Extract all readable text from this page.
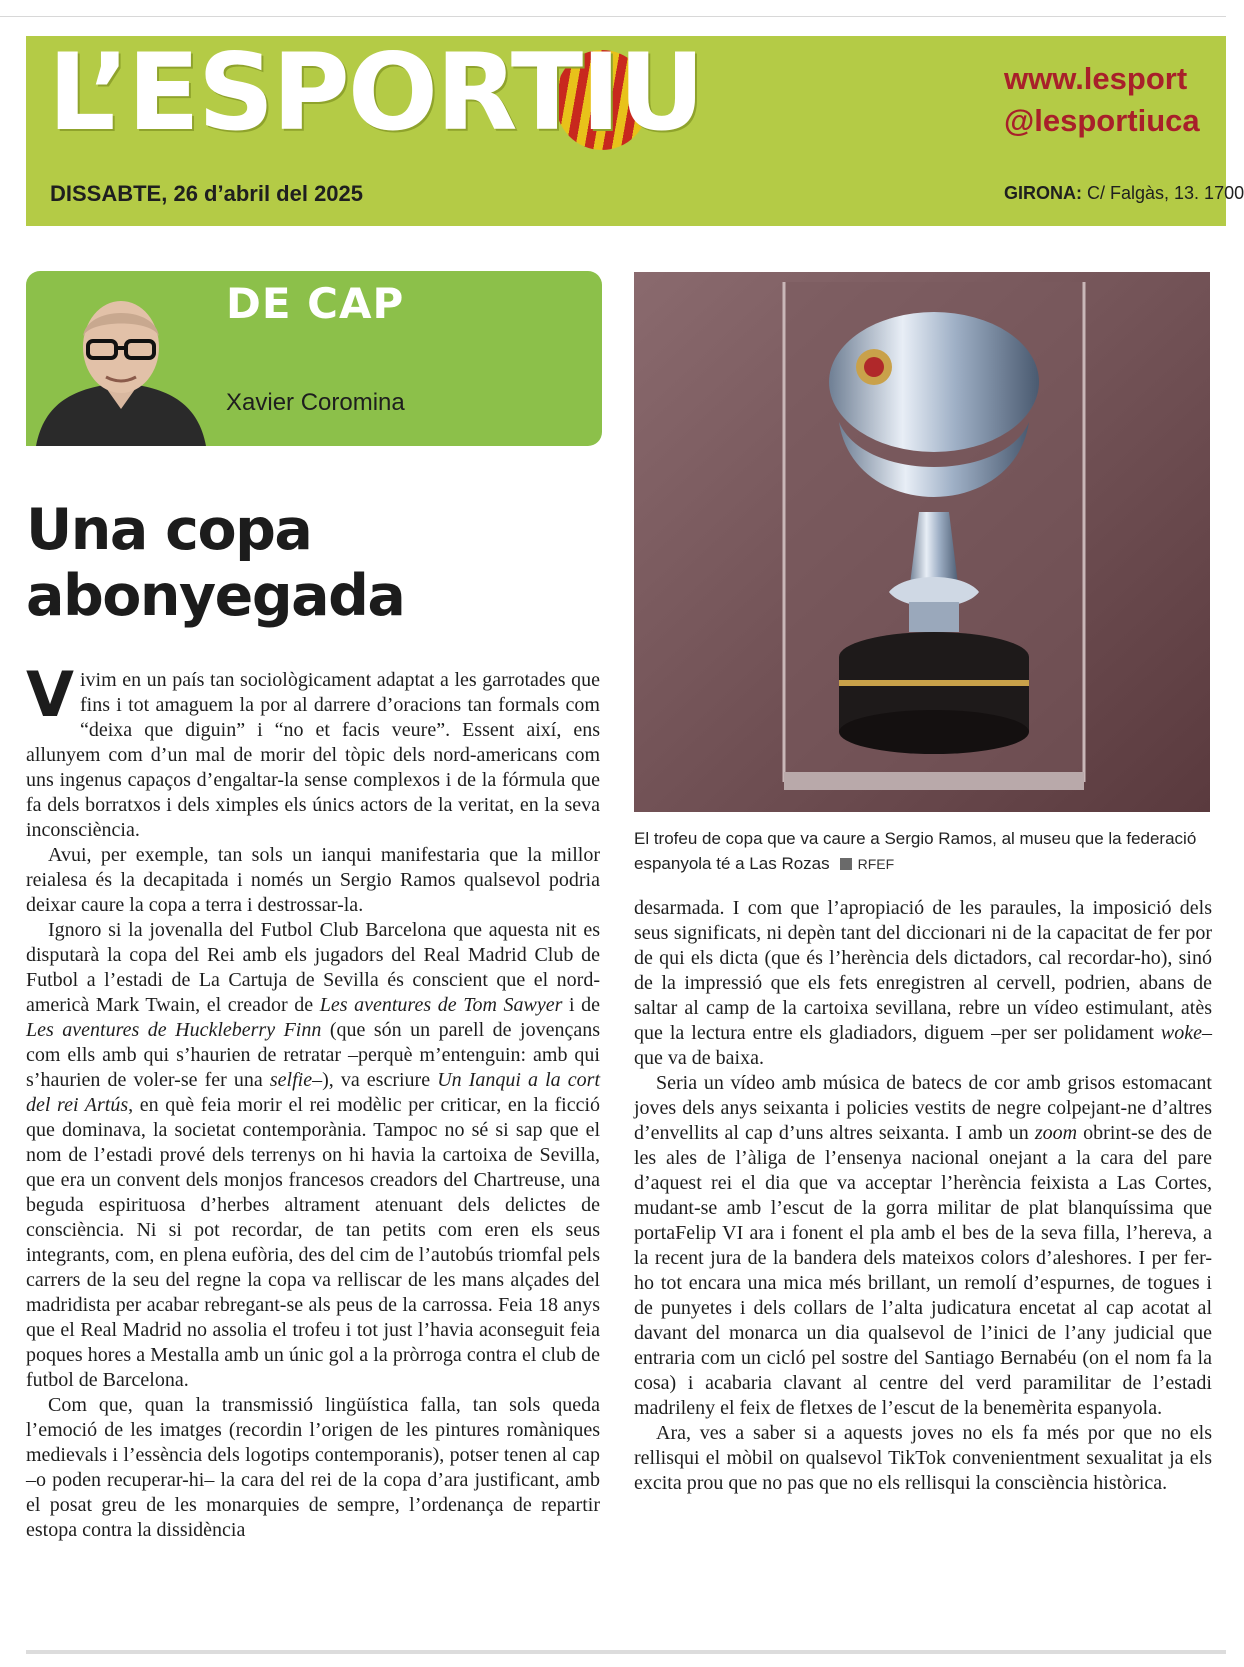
L’ESPORTIU
DISSABTE, 26 d’abril del 2025
www.lesport
@lesportiuca
GIRONA: C/ Falgàs, 13. 1700
DE CAP
Xavier Coromina
Una copa abonyegada
El trofeu de copa que va caure a Sergio Ramos, al museu que la federació espanyola té a Las Rozas RFEF

Vivim en un país tan sociològicament adaptat a les garrotades que fins i tot amaguem la por al darrere d’oracions tan formals com “deixa que diguin” i “no et facis veure”. Essent així, ens allunyem com d’un mal de morir del tòpic dels nord-americans com uns ingenus capaços d’engaltar-la sense complexos i de la fórmula que fa dels borratxos i dels ximples els únics actors de la veritat, en la seva inconsciència.

Avui, per exemple, tan sols un ianqui manifestaria que la millor reialesa és la decapitada i només un Sergio Ramos qualsevol podria deixar caure la copa a terra i destrossar-la.

Ignoro si la jovenalla del Futbol Club Barcelona que aquesta nit es disputarà la copa del Rei amb els jugadors del Real Madrid Club de Futbol a l’estadi de La Cartuja de Sevilla és conscient que el nord-americà Mark Twain, el creador de Les aventures de Tom Sawyer i de Les aventures de Huckleberry Finn (que són un parell de jovençans com ells amb qui s’haurien de retratar –perquè m’entenguin: amb qui s’haurien de voler-se fer una selfie–), va escriure Un Ianqui a la cort del rei Artús, en què feia morir el rei modèlic per criticar, en la ficció que dominava, la societat contemporània. Tampoc no sé si sap que el nom de l’estadi prové dels terrenys on hi havia la cartoixa de Sevilla, que era un convent dels monjos francesos creadors del Chartreuse, una beguda espirituosa d’herbes altrament atenuant dels delictes de consciència. Ni si pot recordar, de tan petits com eren els seus integrants, com, en plena eufòria, des del cim de l’autobús triomfal pels carrers de la seu del regne la copa va relliscar de les mans alçades del madridista per acabar rebregant-se als peus de la carrossa. Feia 18 anys que el Real Madrid no assolia el trofeu i tot just l’havia aconseguit feia poques hores a Mestalla amb un únic gol a la pròrroga contra el club de futbol de Barcelona.

Com que, quan la transmissió lingüística falla, tan sols queda l’emoció de les imatges (recordin l’origen de les pintures romàniques medievals i l’essència dels logotips contemporanis), potser tenen al cap –o poden recuperar-hi– la cara del rei de la copa d’ara justificant, amb el posat greu de les monarquies de sempre, l’ordenança de repartir estopa contra la dissidència

desarmada. I com que l’apropiació de les paraules, la imposició dels seus significats, ni depèn tant del diccionari ni de la capacitat de fer por de qui els dicta (que és l’herència dels dictadors, cal recordar-ho), sinó de la impressió que els fets enregistren al cervell, podrien, abans de saltar al camp de la cartoixa sevillana, rebre un vídeo estimulant, atès que la lectura entre els gladiadors, diguem –per ser polidament woke– que va de baixa.

Seria un vídeo amb música de batecs de cor amb grisos estomacant joves dels anys seixanta i policies vestits de negre colpejant-ne d’altres d’envellits al cap d’uns altres seixanta. I amb un zoom obrint-se des de les ales de l’àliga de l’ensenya nacional onejant a la cara del pare d’aquest rei el dia que va acceptar l’herència feixista a Las Cortes, mudant-se amb l’escut de la gorra militar de plat blanquíssima que portaFelip VI ara i fonent el pla amb el bes de la seva filla, l’hereva, a la recent jura de la bandera dels mateixos colors d’aleshores. I per fer-ho tot encara una mica més brillant, un remolí d’espurnes, de togues i de punyetes i dels collars de l’alta judicatura encetat al cap acotat al davant del monarca un dia qualsevol de l’inici de l’any judicial que entraria com un cicló pel sostre del Santiago Bernabéu (on el nom fa la cosa) i acabaria clavant al centre del verd paramilitar de l’estadi madrileny el feix de fletxes de l’escut de la benemèrita espanyola.

Ara, ves a saber si a aquests joves no els fa més por que no els rellisqui el mòbil on qualsevol TikTok convenientment sexualitat ja els excita prou que no pas que no els rellisqui la consciència històrica.
